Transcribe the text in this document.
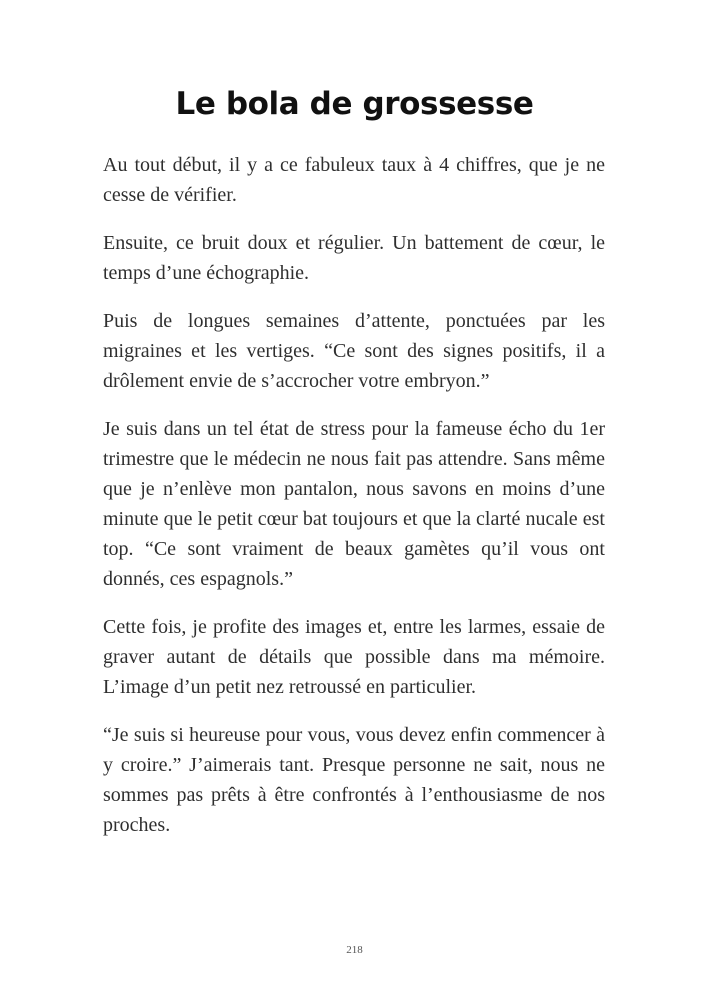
Le bola de grossesse

Au tout début, il y a ce fabuleux taux à 4 chiffres, que je ne cesse de vérifier.

Ensuite, ce bruit doux et régulier. Un battement de cœur, le temps d’une échographie.

Puis de longues semaines d’attente, ponctuées par les migraines et les vertiges. “Ce sont des signes positifs, il a drôlement envie de s’accrocher votre embryon.”

Je suis dans un tel état de stress pour la fameuse écho du 1er trimestre que le médecin ne nous fait pas attendre. Sans même que je n’enlève mon pantalon, nous savons en moins d’une minute que le petit cœur bat toujours et que la clarté nucale est top. “Ce sont vraiment de beaux gamètes qu’il vous ont donnés, ces espagnols.”

Cette fois, je profite des images et, entre les larmes, essaie de graver autant de détails que possible dans ma mémoire. L’image d’un petit nez retroussé en particulier.

“Je suis si heureuse pour vous, vous devez enfin commencer à y croire.” J’aimerais tant. Presque personne ne sait, nous ne sommes pas prêts à être confrontés à l’enthousiasme de nos proches.

218
